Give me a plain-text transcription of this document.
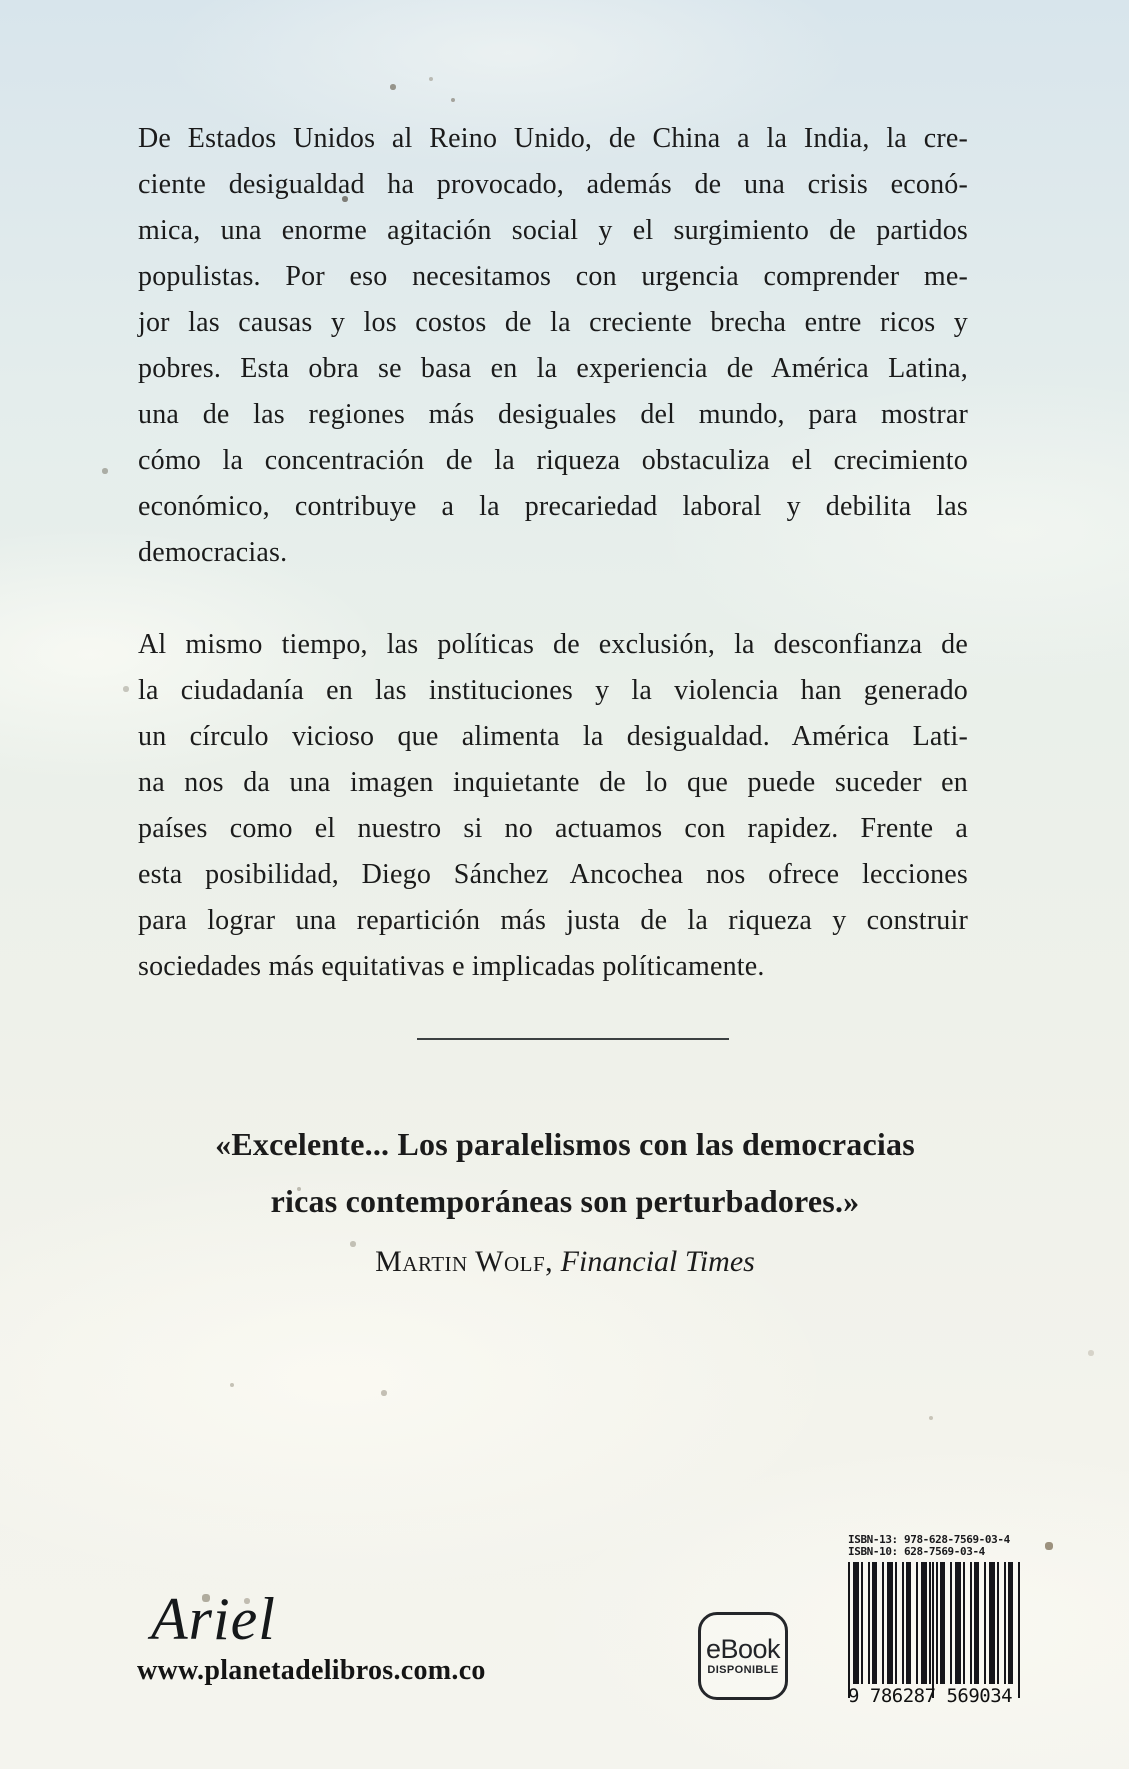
De Estados Unidos al Reino Unido, de China a la India, la cre-
ciente desigualdad ha provocado, además de una crisis econó-
mica, una enorme agitación social y el surgimiento de partidos
populistas. Por eso necesitamos con urgencia comprender me-
jor las causas y los costos de la creciente brecha entre ricos y
pobres. Esta obra se basa en la experiencia de América Latina,
una de las regiones más desiguales del mundo, para mostrar
cómo la concentración de la riqueza obstaculiza el crecimiento
económico, contribuye a la precariedad laboral y debilita las
democracias.
Al mismo tiempo, las políticas de exclusión, la desconfianza de
la ciudadanía en las instituciones y la violencia han generado
un círculo vicioso que alimenta la desigualdad. América Lati-
na nos da una imagen inquietante de lo que puede suceder en
países como el nuestro si no actuamos con rapidez. Frente a
esta posibilidad, Diego Sánchez Ancochea nos ofrece lecciones
para lograr una repartición más justa de la riqueza y construir
sociedades más equitativas e implicadas políticamente.
«Excelente... Los paralelismos con las democracias
ricas contemporáneas son perturbadores.»
Martin Wolf, Financial Times
Ariel
www.planetadelibros.com.co
ISBN-13: 978-628-7569-03-4
ISBN-10: 628-7569-03-4
9 786287 569034
eBook
DISPONIBLE
